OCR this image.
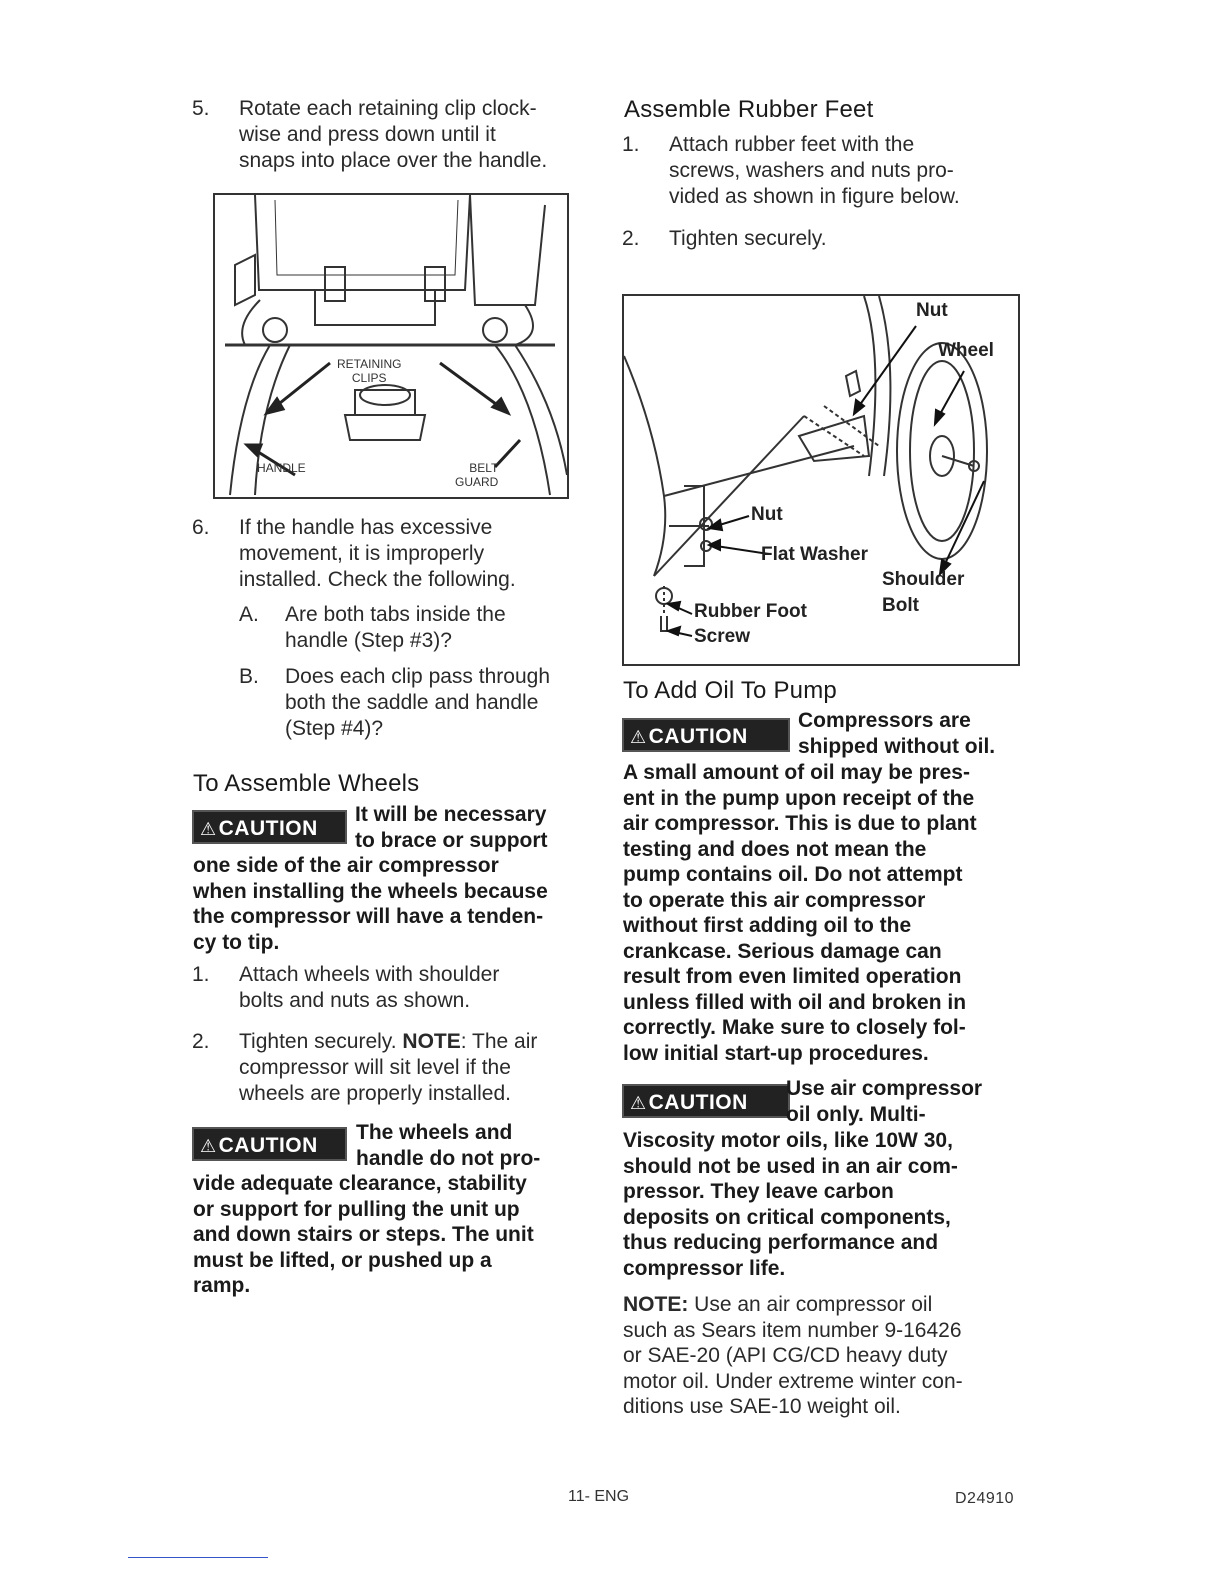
5. Rotate each retaining clip clock-
wise and press down until it
snaps into place over the handle.
RETAINING
CLIPS
HANDLE	BELT
GUARD
6. If the handle has excessive
movement, it is improperly
installed. Check the following.
A. Are both tabs inside the
handle (Step #3)?
B. Does each clip pass through
both the saddle and handle
(Step #4)?
To Assemble Wheels
⚠CAUTION
It will be necessary
to brace or support
one side of the air compressor
when installing the wheels because
the compressor will have a tenden-
cy to tip.
1. Attach wheels with shoulder
bolts and nuts as shown.
2. Tighten securely. NOTE: The air
compressor will sit level if the
wheels are properly installed.
⚠CAUTION
The wheels and
handle do not pro-
vide adequate clearance, stability
or support for pulling the unit up
and down stairs or steps. The unit
must be lifted, or pushed up a
ramp.
Assemble Rubber Feet
1. Attach rubber feet with the
screws, washers and nuts pro-
vided as shown in figure below.
2. Tighten securely.
Nut
Wheel
Nut
Flat Washer
Shoulder
Bolt
Rubber Foot
Screw
To Add Oil To Pump
⚠CAUTION
Compressors are
shipped without oil.
A small amount of oil may be pres-
ent in the pump upon receipt of the
air compressor. This is due to plant
testing and does not mean the
pump contains oil. Do not attempt
to operate this air compressor
without first adding oil to the
crankcase. Serious damage can
result from even limited operation
unless filled with oil and broken in
correctly. Make sure to closely fol-
low initial start-up procedures.
⚠CAUTION
Use air compressor
oil only. Multi-
Viscosity motor oils, like 10W 30,
should not be used in an air com-
pressor. They leave carbon
deposits on critical components,
thus reducing performance and
compressor life.
NOTE: Use an air compressor oil
such as Sears item number 9-16426
or SAE-20 (API CG/CD heavy duty
motor oil. Under extreme winter con-
ditions use SAE-10 weight oil.
11- ENG	D24910
